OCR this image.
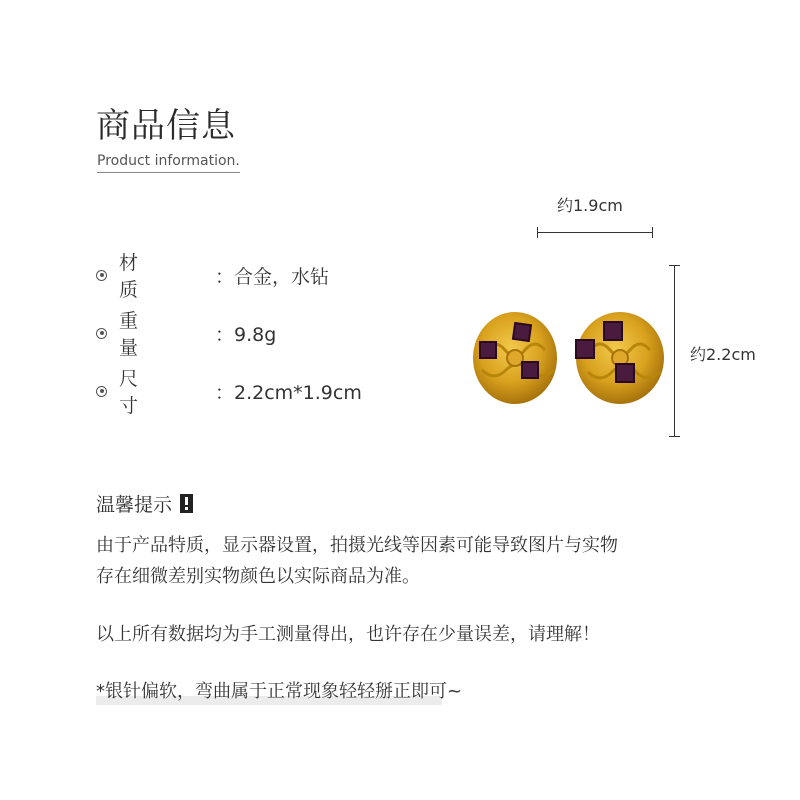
商品信息
Product information.
材质
：合金，水钻
重量
：9.8g
尺寸
：2.2cm*1.9cm
约1.9cm
约2.2cm
温馨提示
由于产品特质，显示器设置，拍摄光线等因素可能导致图片与实物
存在细微差别实物颜色以实际商品为准。
以上所有数据均为手工测量得出，也许存在少量误差，请理解！
*银针偏软，弯曲属于正常现象轻轻掰正即可~
